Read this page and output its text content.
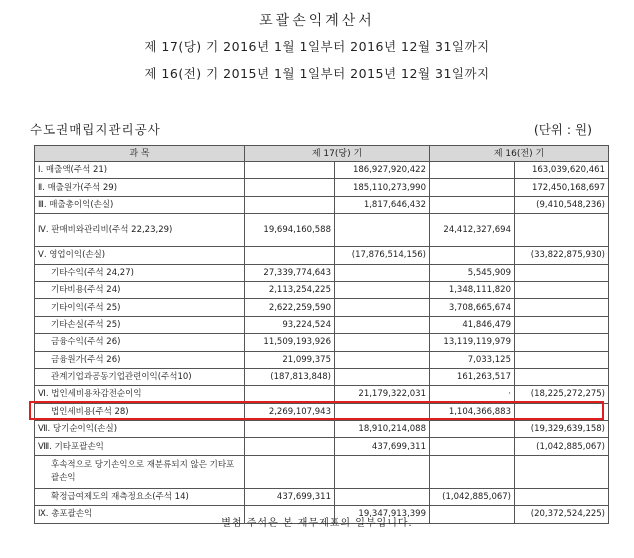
포괄손익계산서
제 17(당) 기 2016년 1월 1일부터 2016년 12월 31일까지
제 16(전) 기 2015년 1월 1일부터 2015년 12월 31일까지
수도권매립지관리공사	(단위 : 원)
과 목	제 17(당) 기		제 16(전) 기	
Ⅰ. 매출액(주석 21)		186,927,920,422		163,039,620,461
Ⅱ. 매출원가(주석 29)		185,110,273,990		172,450,168,697
Ⅲ. 매출총이익(손실)		1,817,646,432		(9,410,548,236)
Ⅳ. 판매비와관리비(주석 22,23,29)	19,694,160,588		24,412,327,694	
Ⅴ. 영업이익(손실)		(17,876,514,156)		(33,822,875,930)
기타수익(주석 24,27)	27,339,774,643		5,545,909	
기타비용(주석 24)	2,113,254,225		1,348,111,820	
기타이익(주석 25)	2,622,259,590		3,708,665,674	
기타손실(주석 25)	93,224,524		41,846,479	
금융수익(주석 26)	11,509,193,926		13,119,119,979	
금융원가(주석 26)	21,099,375		7,033,125	
관계기업과공동기업관련이익(주석10)	(187,813,848)		161,263,517	
Ⅵ. 법인세비용차감전순이익		21,179,322,031	·	(18,225,272,275)
법인세비용(주석 28)	2,269,107,943		1,104,366,883	
Ⅶ. 당기순이익(손실)		18,910,214,088		(19,329,639,158)
Ⅷ. 기타포괄손익		437,699,311		(1,042,885,067)
후속적으로 당기손익으로 재분류되지 않은 기타포괄손익				
확정급여제도의 재측정요소(주석 14)	437,699,311		(1,042,885,067)	
Ⅸ. 총포괄손익		19,347,913,399		(20,372,524,225)
별첨 주석은 본 재무제표의 일부입니다.
